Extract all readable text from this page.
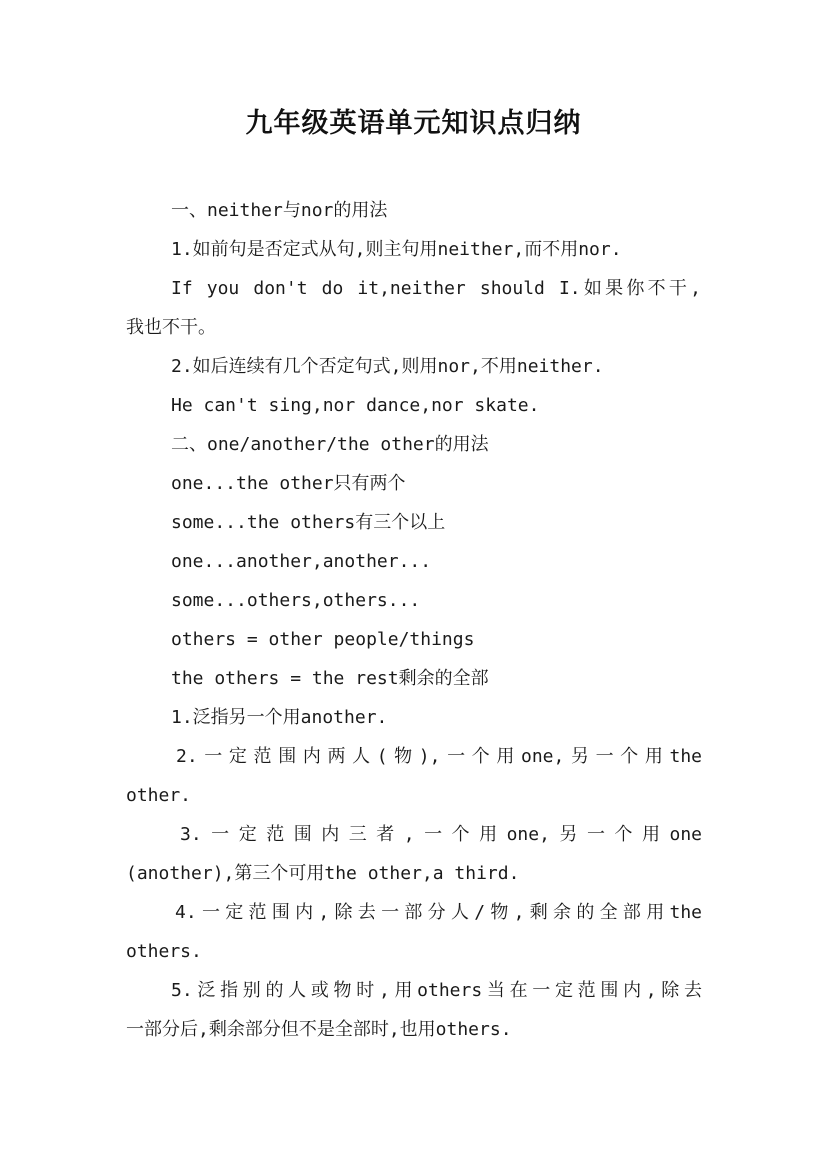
九年级英语单元知识点归纳
一、neither与nor的用法
1.如前句是否定式从句,则主句用neither,而不用nor.
If you don't do it,neither should I.如果你不干,
我也不干。
2.如后连续有几个否定句式,则用nor,不用neither.
He can't sing,nor dance,nor skate.
二、one/another/the other的用法
one...the other只有两个
some...the others有三个以上
one...another,another...
some...others,others...
others = other people/things
the others = the rest剩余的全部
1.泛指另一个用another.
2.一定范围内两人(物),一个用one,另一个用the
other.
3.一定范围内三者,一个用one,另一个用one
(another),第三个可用the other,a third.
4.一定范围内,除去一部分人/物,剩余的全部用the
others.
5.泛指别的人或物时,用others当在一定范围内,除去
一部分后,剩余部分但不是全部时,也用others.
